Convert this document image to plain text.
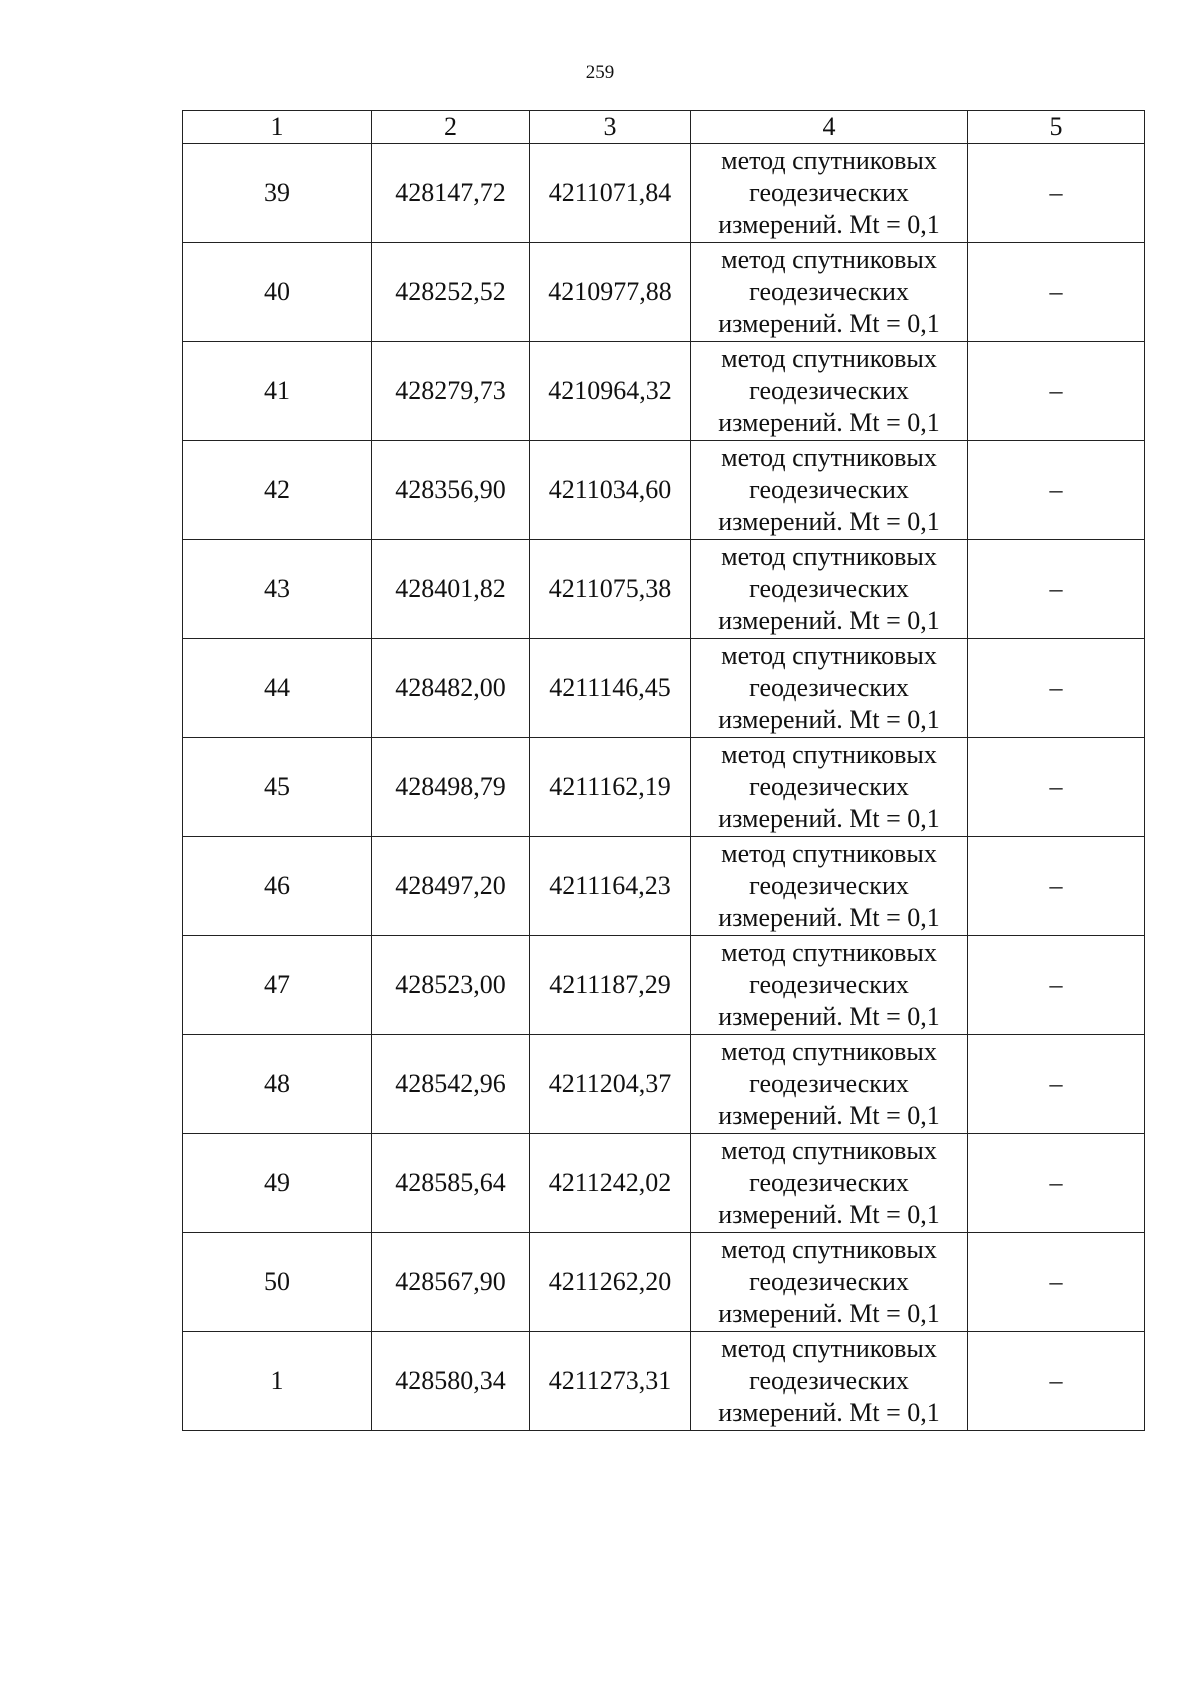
259
1	2	3	4	5
39	428147,72	4211071,84	метод спутниковых
геодезических
измерений. Mt = 0,1	–
40	428252,52	4210977,88	метод спутниковых
геодезических
измерений. Mt = 0,1	–
41	428279,73	4210964,32	метод спутниковых
геодезических
измерений. Mt = 0,1	–
42	428356,90	4211034,60	метод спутниковых
геодезических
измерений. Mt = 0,1	–
43	428401,82	4211075,38	метод спутниковых
геодезических
измерений. Mt = 0,1	–
44	428482,00	4211146,45	метод спутниковых
геодезических
измерений. Mt = 0,1	–
45	428498,79	4211162,19	метод спутниковых
геодезических
измерений. Mt = 0,1	–
46	428497,20	4211164,23	метод спутниковых
геодезических
измерений. Mt = 0,1	–
47	428523,00	4211187,29	метод спутниковых
геодезических
измерений. Mt = 0,1	–
48	428542,96	4211204,37	метод спутниковых
геодезических
измерений. Mt = 0,1	–
49	428585,64	4211242,02	метод спутниковых
геодезических
измерений. Mt = 0,1	–
50	428567,90	4211262,20	метод спутниковых
геодезических
измерений. Mt = 0,1	–
1	428580,34	4211273,31	метод спутниковых
геодезических
измерений. Mt = 0,1	–
